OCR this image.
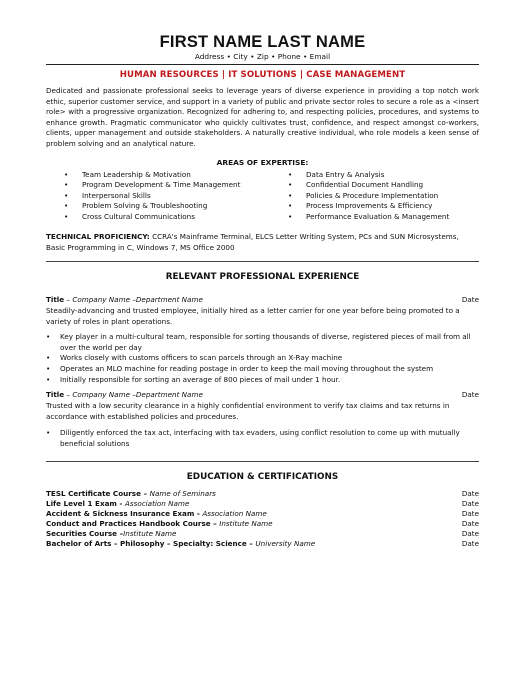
FIRST NAME LAST NAME
Address • City • Zip • Phone • Email
HUMAN RESOURCES | IT SOLUTIONS | CASE MANAGEMENT
Dedicated and passionate professional seeks to leverage years of diverse experience in providing a top notch work ethic, superior customer service, and support in a variety of public and private sector roles to secure a role as a <insert role> with a progressive organization. Recognized for adhering to, and respecting policies, procedures, and systems to enhance growth. Pragmatic communicator who quickly cultivates trust, confidence, and respect amongst co-workers, clients, upper management and outside stakeholders. A naturally creative individual, who role models a keen sense of problem solving and an analytical nature.
AREAS OF EXPERTISE:
• Team Leadership & Motivation
• Program Development & Time Management
• Interpersonal Skills
• Problem Solving & Troubleshooting
• Cross Cultural Communications
• Data Entry & Analysis
• Confidential Document Handling
• Policies & Procedure Implementation
• Process Improvements & Efficiency
• Performance Evaluation & Management
TECHNICAL PROFICIENCY: CCRA's Mainframe Terminal, ELCS Letter Writing System, PCs and SUN Microsystems, Basic Programming in C, Windows 7, MS Office 2000
RELEVANT PROFESSIONAL EXPERIENCE
Title – Company Name –Department Name	Date
Steadily-advancing and trusted employee, initially hired as a letter carrier for one year before being promoted to a variety of roles in plant operations.
• Key player in a multi-cultural team, responsible for sorting thousands of diverse, registered pieces of mail from all over the world per day
• Works closely with customs officers to scan parcels through an X-Ray machine
• Operates an MLO machine for reading postage in order to keep the mail moving throughout the system
• Initially responsible for sorting an average of 800 pieces of mail under 1 hour.
Title – Company Name –Department Name	Date
Trusted with a low security clearance in a highly confidential environment to verify tax claims and tax returns in accordance with established policies and procedures.
• Diligently enforced the tax act, interfacing with tax evaders, using conflict resolution to come up with mutually beneficial solutions
EDUCATION & CERTIFICATIONS
TESL Certificate Course – Name of Seminars	Date
Life Level 1 Exam - Association Name	Date
Accident & Sickness Insurance Exam - Association Name	Date
Conduct and Practices Handbook Course – Institute Name	Date
Securities Course –Institute Name	Date
Bachelor of Arts – Philosophy – Specialty: Science – University Name	Date
